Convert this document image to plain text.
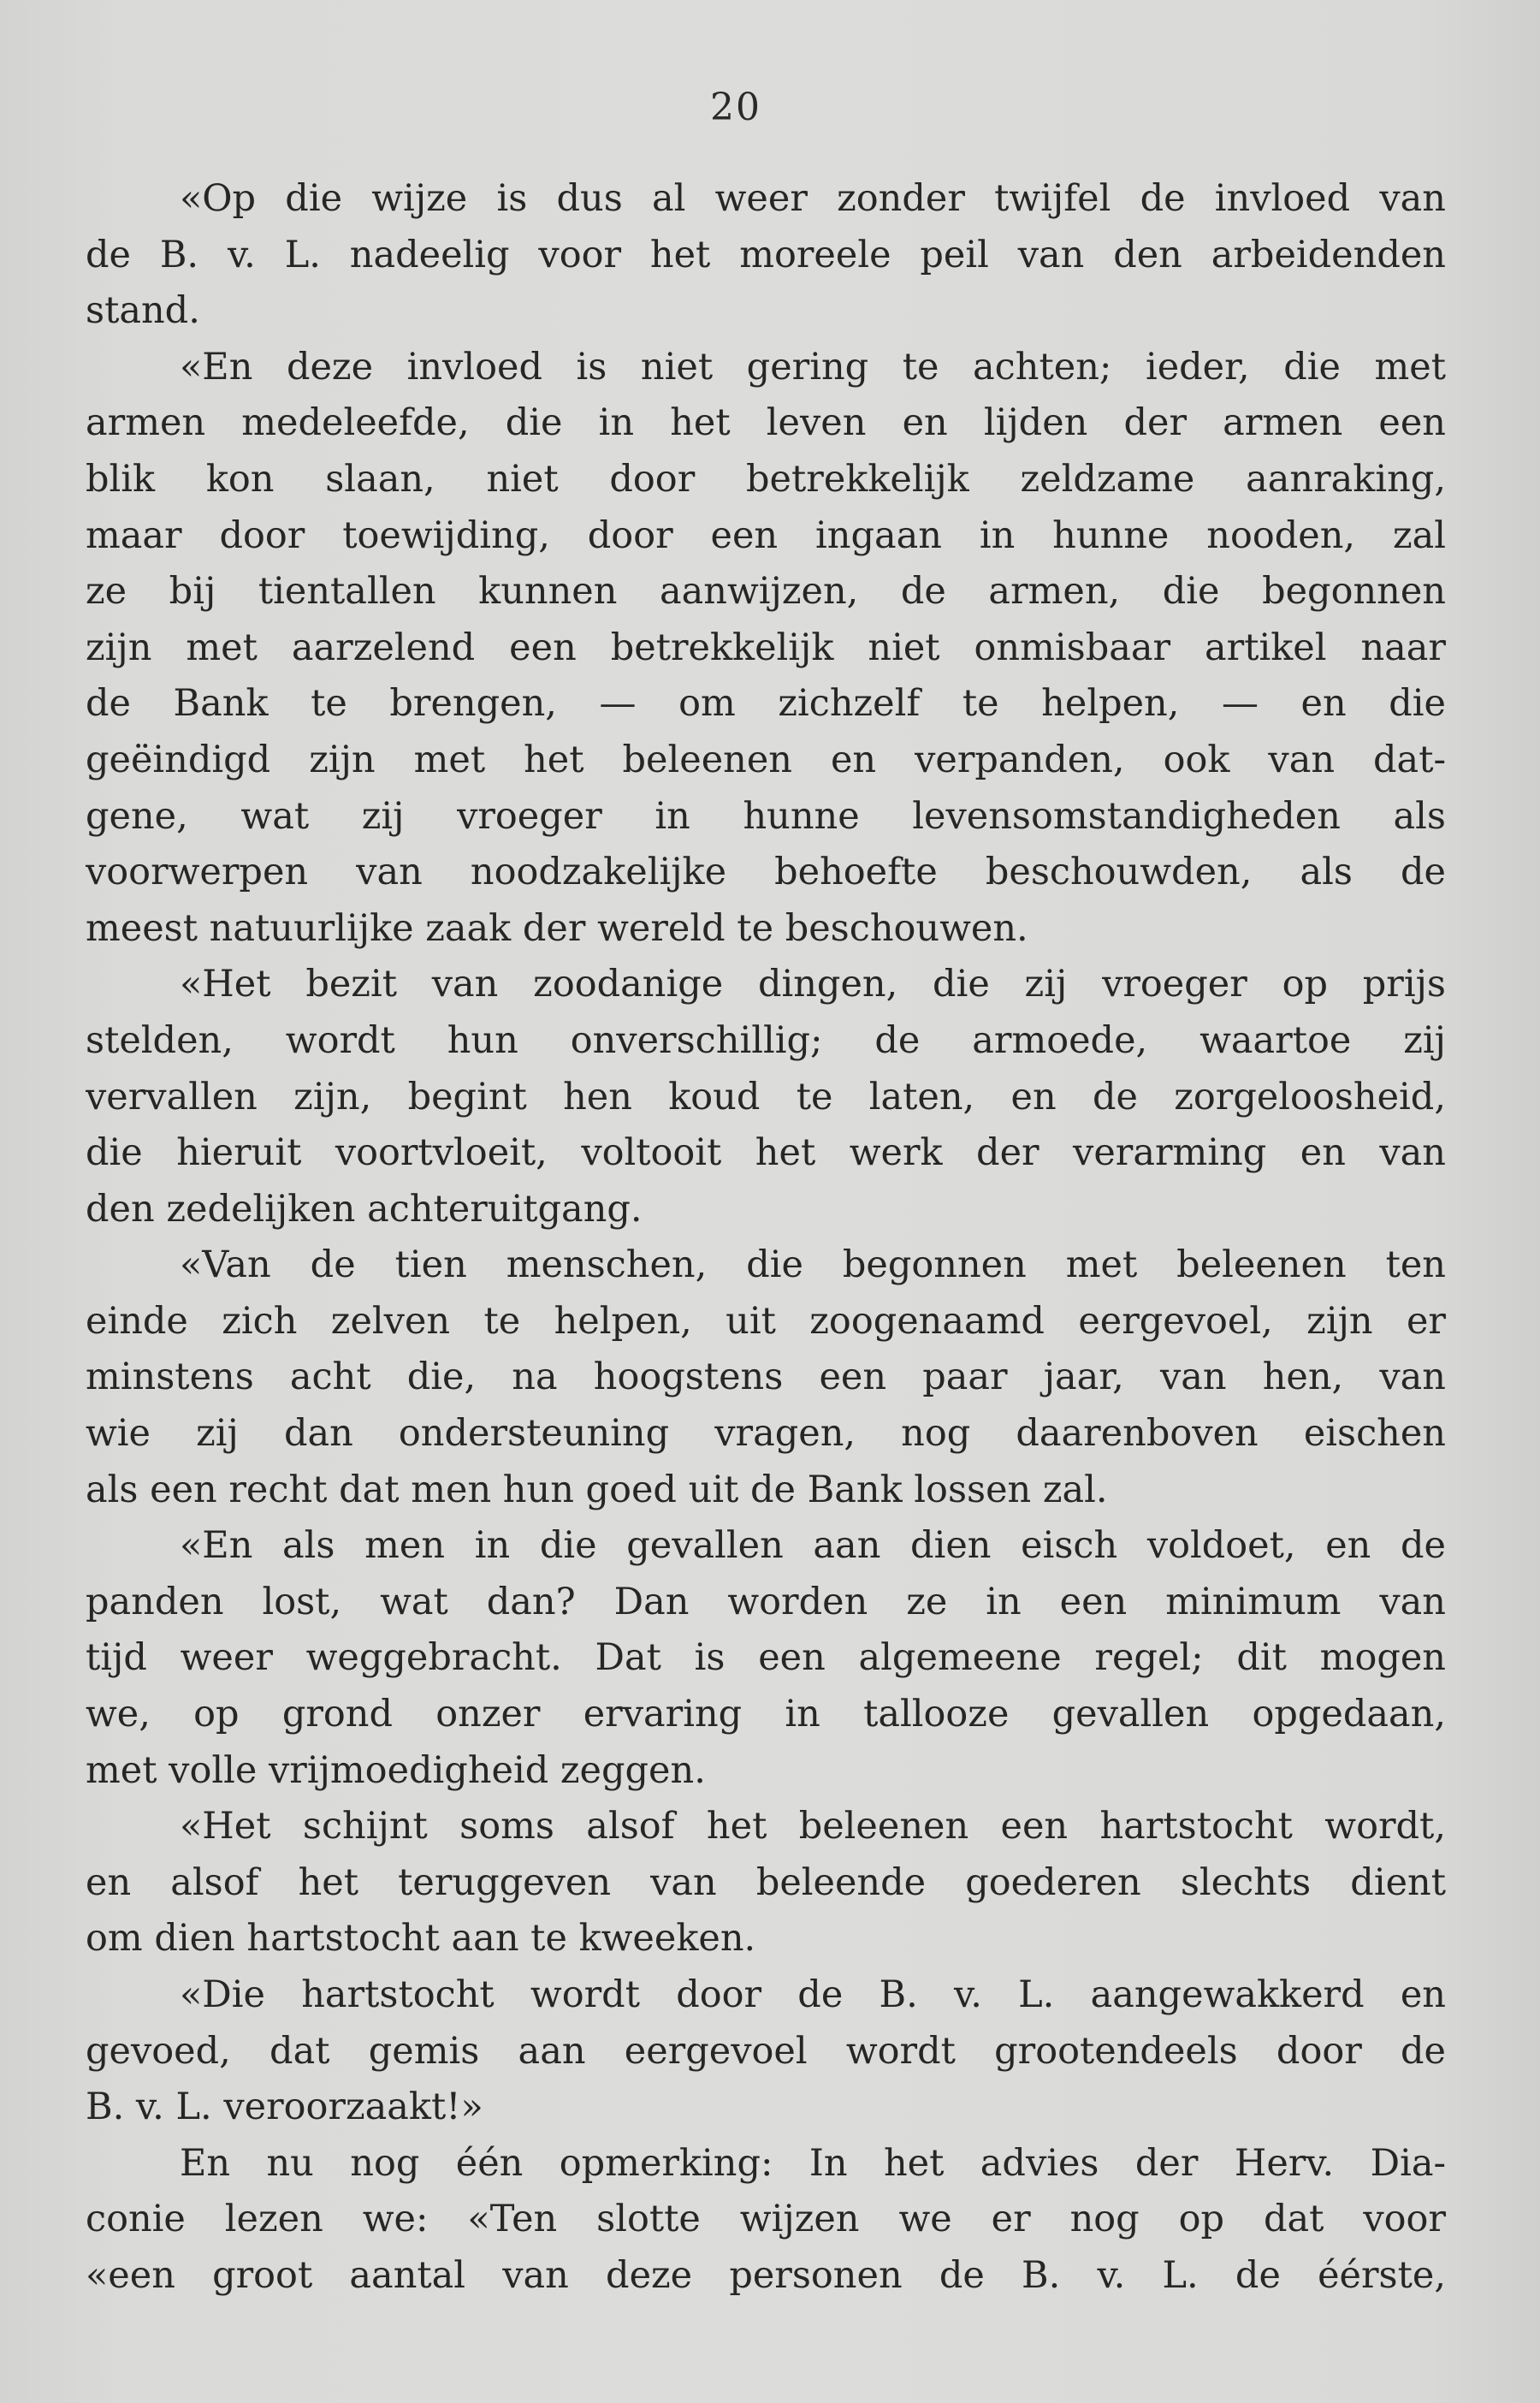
20
«Op die wijze is dus al weer zonder twijfel de invloed van
de B. v. L. nadeelig voor het moreele peil van den arbeidenden
stand.
«En deze invloed is niet gering te achten; ieder, die met
armen medeleefde, die in het leven en lijden der armen een
blik kon slaan, niet door betrekkelijk zeldzame aanraking,
maar door toewijding, door een ingaan in hunne nooden, zal
ze bij tientallen kunnen aanwijzen, de armen, die begonnen
zijn met aarzelend een betrekkelijk niet onmisbaar artikel naar
de Bank te brengen, — om zichzelf te helpen, — en die
geëindigd zijn met het beleenen en verpanden, ook van dat-
gene, wat zij vroeger in hunne levensomstandigheden als
voorwerpen van noodzakelijke behoefte beschouwden, als de
meest natuurlijke zaak der wereld te beschouwen.
«Het bezit van zoodanige dingen, die zij vroeger op prijs
stelden, wordt hun onverschillig; de armoede, waartoe zij
vervallen zijn, begint hen koud te laten, en de zorgeloosheid,
die hieruit voortvloeit, voltooit het werk der verarming en van
den zedelijken achteruitgang.
«Van de tien menschen, die begonnen met beleenen ten
einde zich zelven te helpen, uit zoogenaamd eergevoel, zijn er
minstens acht die, na hoogstens een paar jaar, van hen, van
wie zij dan ondersteuning vragen, nog daarenboven eischen
als een recht dat men hun goed uit de Bank lossen zal.
«En als men in die gevallen aan dien eisch voldoet, en de
panden lost, wat dan? Dan worden ze in een minimum van
tijd weer weggebracht. Dat is een algemeene regel; dit mogen
we, op grond onzer ervaring in tallooze gevallen opgedaan,
met volle vrijmoedigheid zeggen.
«Het schijnt soms alsof het beleenen een hartstocht wordt,
en alsof het teruggeven van beleende goederen slechts dient
om dien hartstocht aan te kweeken.
«Die hartstocht wordt door de B. v. L. aangewakkerd en
gevoed, dat gemis aan eergevoel wordt grootendeels door de
B. v. L. veroorzaakt!»
En nu nog één opmerking: In het advies der Herv. Dia-
conie lezen we: «Ten slotte wijzen we er nog op dat voor
«een groot aantal van deze personen de B. v. L. de éérste,
